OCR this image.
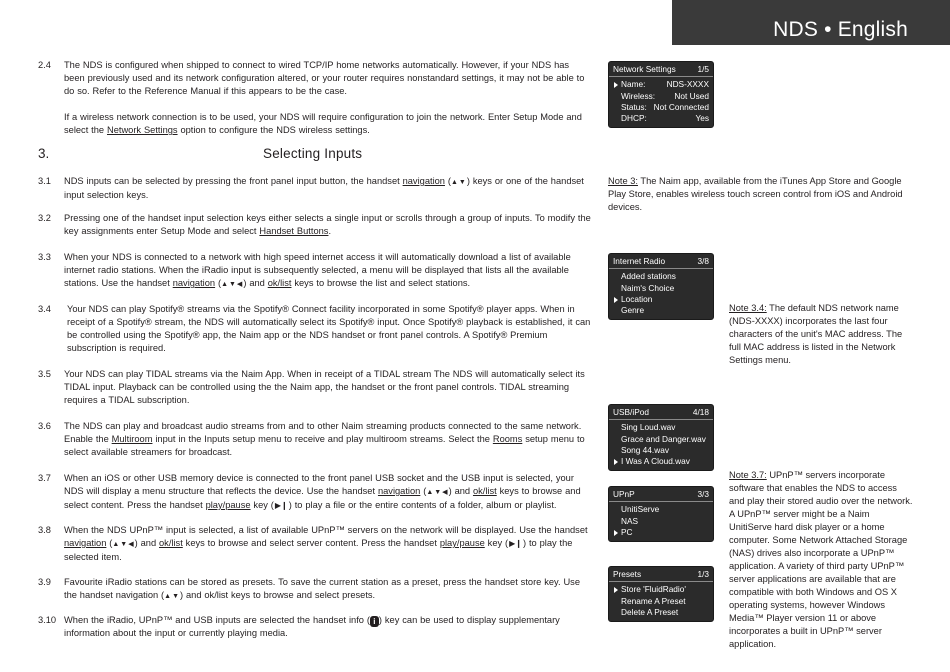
NDS • English
2.4 The NDS is configured when shipped to connect to wired TCP/IP home networks automatically. However, if your NDS has been previously used and its network configuration altered, or your router requires nonstandard settings, it may not be able to do so. Refer to the Reference Manual if this appears to be the case.

If a wireless network connection is to be used, your NDS will require configuration to join the network. Enter Setup Mode and select the Network Settings option to configure the NDS wireless settings.

3.	Selecting Inputs
3.1 NDS inputs can be selected by pressing the front panel input button, the handset navigation (▲▼) keys or one of the handset input selection keys.

3.2 Pressing one of the handset input selection keys either selects a single input or scrolls through a group of inputs. To modify the key assignments enter Setup Mode and select Handset Buttons.

3.3 When your NDS is connected to a network with high speed internet access it will automatically download a list of available internet radio stations. When the iRadio input is subsequently selected, a menu will be displayed that lists all the available stations. Use the handset navigation (▲▼◀) and ok/list keys to browse the list and select stations.

3.4 Your NDS can play Spotify® streams via the Spotify® Connect facility incorporated in some Spotify® player apps. When in receipt of a Spotify® stream, the NDS will automatically select its Spotify® input. Once Spotify® playback is established, it can be controlled using the Spotify® app, the Naim app or the NDS handset or front panel controls. A Spotify® Premium subscription is required.

3.5 Your NDS can play TIDAL streams via the Naim App. When in receipt of a TIDAL stream The NDS will automatically select its TIDAL input. Playback can be controlled using the the Naim app, the handset or the front panel controls. TIDAL streaming requires a TIDAL subscription.

3.6 The NDS can play and broadcast audio streams from and to other Naim streaming products connected to the same network. Enable the Multiroom input in the Inputs setup menu to receive and play multiroom streams. Select the Rooms setup menu to select available streamers for broadcast.

3.7 When an iOS or other USB memory device is connected to the front panel USB socket and the USB input is selected, your NDS will display a menu structure that reflects the device. Use the handset navigation (▲▼◀) and ok/list keys to browse and select content. Press the handset play/pause key (▶❙) to play a file or the entire contents of a folder, album or playlist.

3.8 When the NDS UPnP™ input is selected, a list of available UPnP™ servers on the network will be displayed. Use the handset navigation (▲▼◀) and ok/list keys to browse and select server content. Press the handset play/pause key (▶❙) to play the selected item.

3.9 Favourite iRadio stations can be stored as presets. To save the current station as a preset, press the handset store key. Use the handset navigation (▲▼) and ok/list keys to browse and select presets.

3.10 When the iRadio, UPnP™ and USB inputs are selected the handset info ( i ) key can be used to display supplementary information about the input or currently playing media.

Network Settings	1/5
Name:	NDS-XXXX
Wireless: Not Used
Status: Not Connected
DHCP:	Yes
Internet Radio	3/8
Added stations
Naim's Choice
Location
Genre
USB/iPod	4/18
Sing Loud.wav
Grace and Danger.wav
Song 44.wav
I Was A Cloud.wav
UPnP	3/3
UnitiServe
NAS
PC
Presets	1/3
Store 'FluidRadio'
Rename A Preset
Delete A Preset

Note 3: The Naim app, available from the iTunes App Store and Google Play Store, enables wireless touch screen control from iOS and Android devices.

Note 3.4: The default NDS network name (NDS-XXXX) incorporates the last four characters of the unit's MAC address. The full MAC address is listed in the Network Settings menu.

Note 3.7: UPnP™ servers incorporate software that enables the NDS to access and play their stored audio over the network. A UPnP™ server might be a Naim UnitiServe hard disk player or a home computer. Some Network Attached Storage (NAS) drives also incorporate a UPnP™ application. A variety of third party UPnP™ server applications are available that are compatible with both Windows and OS X operating systems, however Windows Media™ Player version 11 or above incorporates a built in UPnP™ server application.
